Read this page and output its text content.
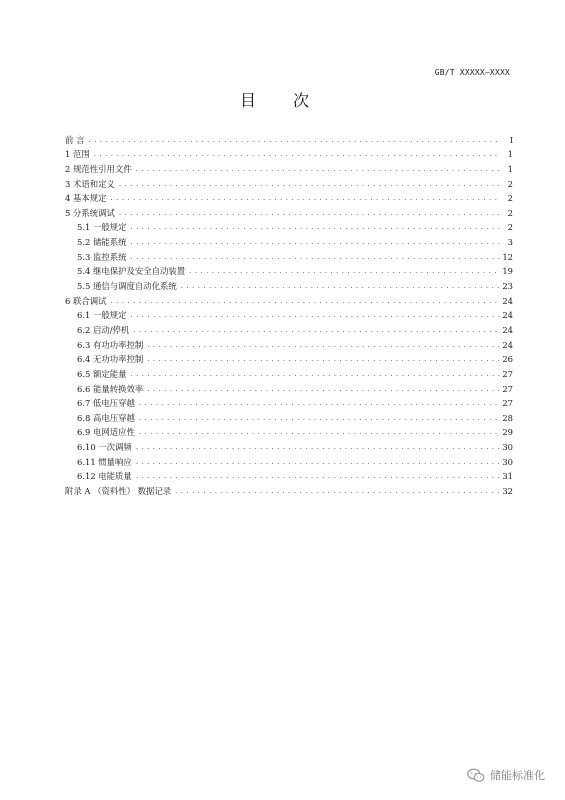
GB/T XXXXX—XXXX
目 次
前 言 . . .	I
1 范围 . . .	1
2 规范性引用文件 . . .	1
3 术语和定义 . . .	2
4 基本规定 . . .	2
5 分系统调试 . . .	2
5.1 一般规定 . . .	2
5.2 储能系统 . . .	3
5.3 监控系统 . . .	12
5.4 继电保护及安全自动装置 . . .	19
5.5 通信与调度自动化系统 . . .	23
6 联合调试 . . .	24
6.1 一般规定 . . .	24
6.2 启动/停机 . . .	24
6.3 有功功率控制 . . .	24
6.4 无功功率控制 . . .	26
6.5 额定能量 . . .	27
6.6 能量转换效率 . . .	27
6.7 低电压穿越 . . .	27
6.8 高电压穿越 . . .	28
6.9 电网适应性 . . .	29
6.10 一次调频 . . .	30
6.11 惯量响应 . . .	30
6.12 电能质量 . . .	31
附录 A （资料性） 数据记录 . . .	32
储能标准化
